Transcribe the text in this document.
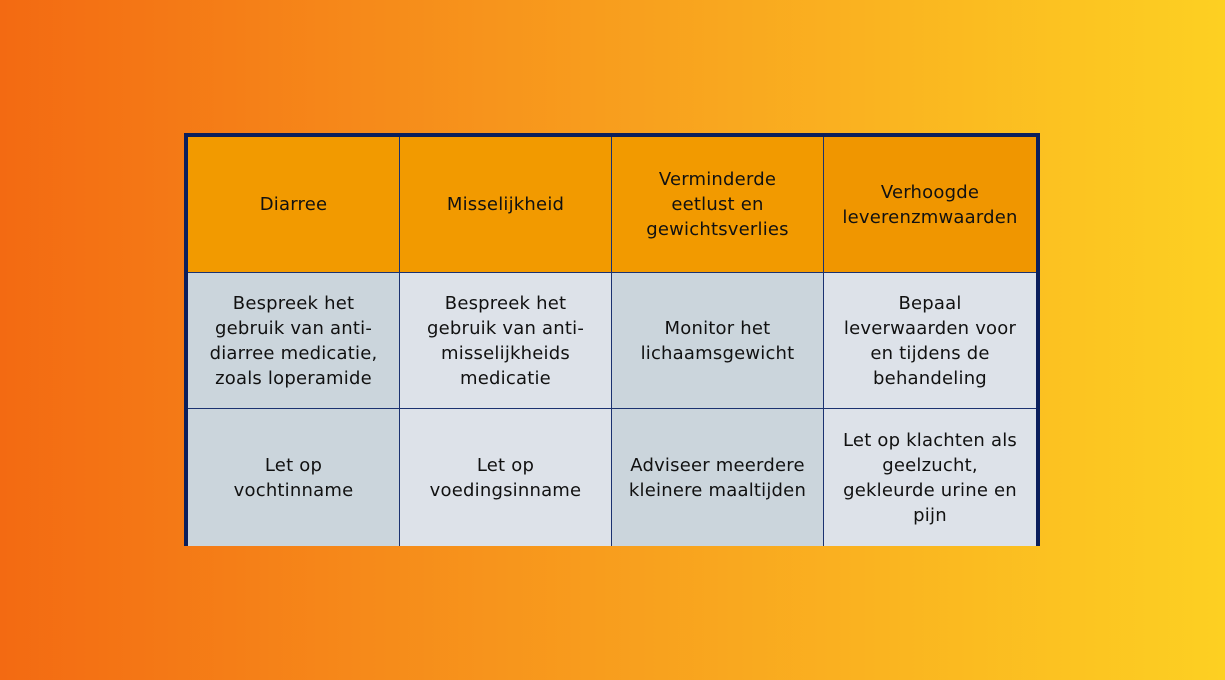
Diarree	Misselijkheid
Verminderde
eetlust en
gewichtsverlies
Verhoogde
leverenzmwaarden
Bespreek het
gebruik van anti-
diarree medicatie,
zoals loperamide
Bespreek het
gebruik van anti-
misselijkheids
medicatie
Monitor het
lichaamsgewicht
Bepaal
leverwaarden voor
en tijdens de
behandeling
Let op
vochtinname
Let op
voedingsinname
Adviseer meerdere
kleinere maaltijden
Let op klachten als
geelzucht,
gekleurde urine en
pijn
